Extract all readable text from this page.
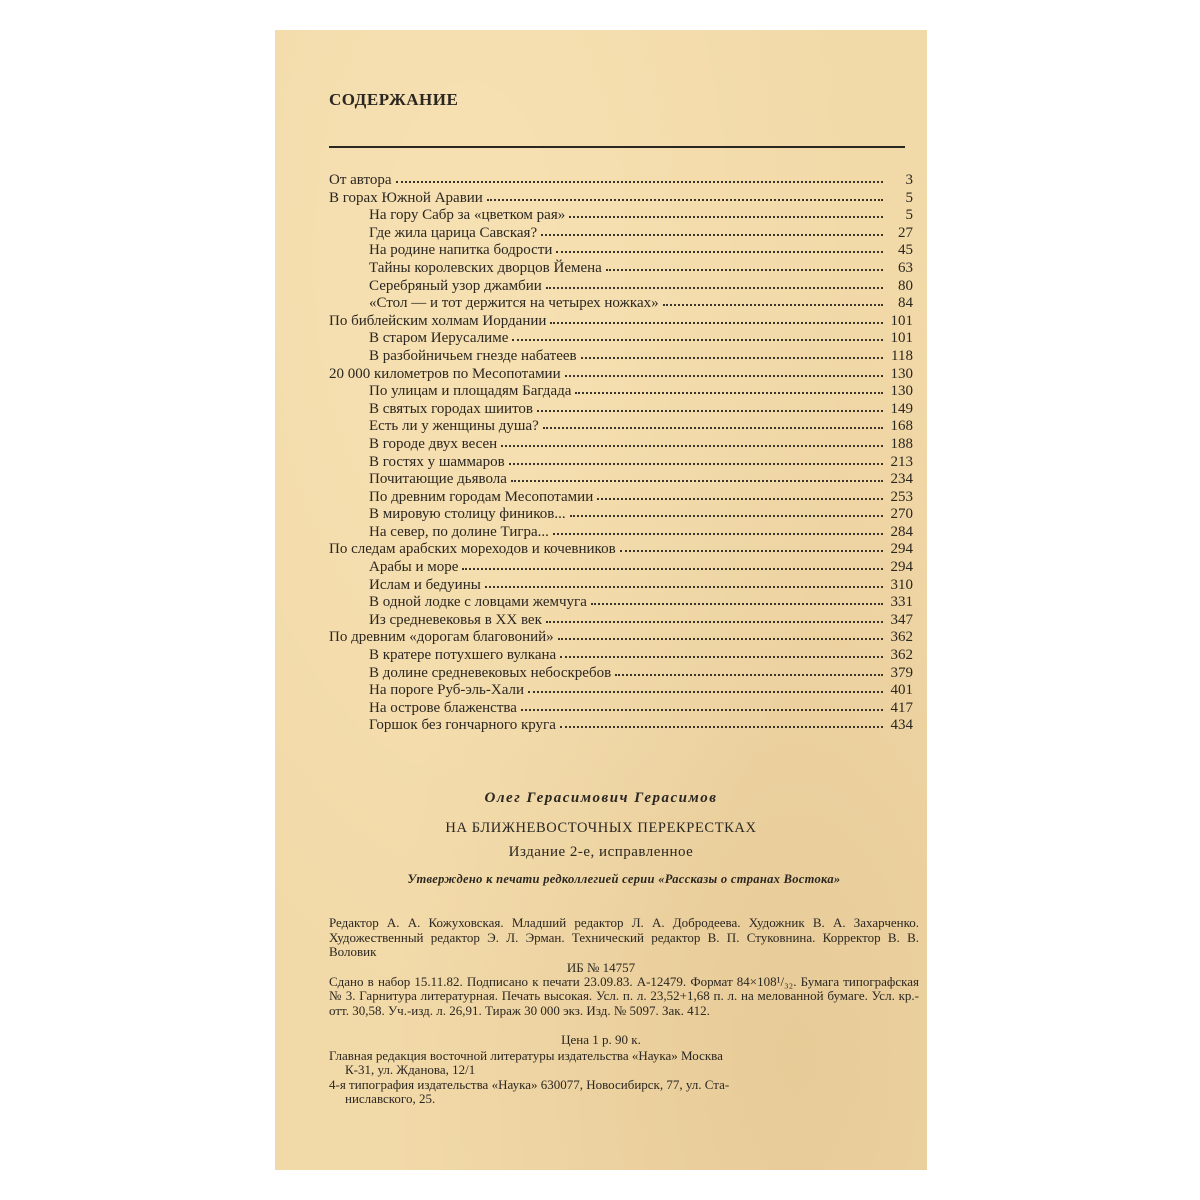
СОДЕРЖАНИЕ
От автора	3
В горах Южной Аравии	5
На гору Сабр за «цветком рая»	5
Где жила царица Савская?	27
На родине напитка бодрости	45
Тайны королевских дворцов Йемена	63
Серебряный узор джамбии	80
«Стол — и тот держится на четырех ножках»	84
По библейским холмам Иордании	101
В старом Иерусалиме	101
В разбойничьем гнезде набатеев	118
20 000 километров по Месопотамии	130
По улицам и площадям Багдада	130
В святых городах шиитов	149
Есть ли у женщины душа?	168
В городе двух весен	188
В гостях у шаммаров	213
Почитающие дьявола	234
По древним городам Месопотамии	253
В мировую столицу фиников...	270
На север, по долине Тигра...	284
По следам арабских мореходов и кочевников	294
Арабы и море	294
Ислам и бедуины	310
В одной лодке с ловцами жемчуга	331
Из средневековья в XX век	347
По древним «дорогам благовоний»	362
В кратере потухшего вулкана	362
В долине средневековых небоскребов	379
На пороге Руб-эль-Хали	401
На острове блаженства	417
Горшок без гончарного круга	434
Олег Герасимович Герасимов
НА БЛИЖНЕВОСТОЧНЫХ ПЕРЕКРЕСТКАХ
Издание 2-е, исправленное
Утверждено к печати редколлегией серии «Рассказы о странах Востока»
Редактор А. А. Кожуховская. Младший редактор Л. А. Добродеева. Художник В. А. Захарченко. Художественный редактор Э. Л. Эрман. Технический редактор В. П. Стуковнина. Корректор В. В. Воловик
ИБ № 14757
Сдано в набор 15.11.82. Подписано к печати 23.09.83. А-12479. Формат 84×108¹/₃₂. Бумага типографская № 3. Гарнитура литературная. Печать высокая. Усл. п. л. 23,52+1,68 п. л. на мелованной бумаге. Усл. кр.-отт. 30,58. Уч.-изд. л. 26,91. Тираж 30 000 экз. Изд. № 5097. Зак. 412.
Цена 1 р. 90 к.
Главная редакция восточной литературы издательства «Наука» Москва
К-31, ул. Жданова, 12/1
4-я типография издательства «Наука» 630077, Новосибирск, 77, ул. Ста-
ниславского, 25.
